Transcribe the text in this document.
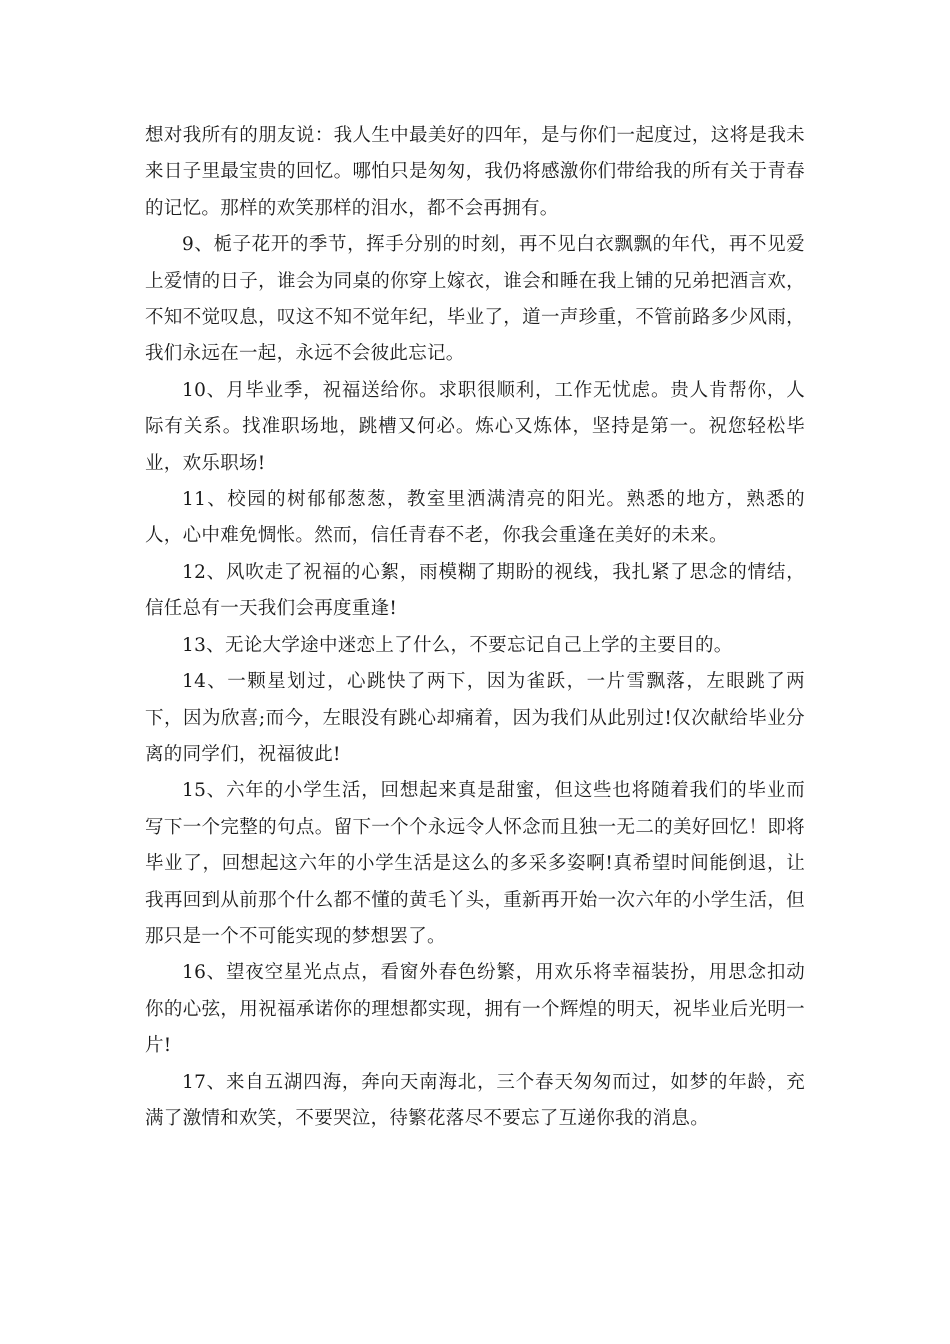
想对我所有的朋友说：我人生中最美好的四年，是与你们一起度过，这将是我未来日子里最宝贵的回忆。哪怕只是匆匆，我仍将感激你们带给我的所有关于青春的记忆。那样的欢笑那样的泪水，都不会再拥有。

9、栀子花开的季节，挥手分别的时刻，再不见白衣飘飘的年代，再不见爱上爱情的日子，谁会为同桌的你穿上嫁衣，谁会和睡在我上铺的兄弟把酒言欢，不知不觉叹息，叹这不知不觉年纪，毕业了，道一声珍重，不管前路多少风雨，我们永远在一起，永远不会彼此忘记。

10、月毕业季，祝福送给你。求职很顺利，工作无忧虑。贵人肯帮你，人际有关系。找准职场地，跳槽又何必。炼心又炼体，坚持是第一。祝您轻松毕业，欢乐职场!

11、校园的树郁郁葱葱，教室里洒满清亮的阳光。熟悉的地方，熟悉的人，心中难免惆怅。然而，信任青春不老，你我会重逢在美好的未来。

12、风吹走了祝福的心絮，雨模糊了期盼的视线，我扎紧了思念的情结，信任总有一天我们会再度重逢!

13、无论大学途中迷恋上了什么，不要忘记自己上学的主要目的。

14、一颗星划过，心跳快了两下，因为雀跃，一片雪飘落，左眼跳了两下，因为欣喜;而今，左眼没有跳心却痛着，因为我们从此别过!仅次献给毕业分离的同学们，祝福彼此!

15、六年的小学生活，回想起来真是甜蜜，但这些也将随着我们的毕业而写下一个完整的句点。留下一个个永远令人怀念而且独一无二的美好回忆！即将毕业了，回想起这六年的小学生活是这么的多采多姿啊!真希望时间能倒退，让我再回到从前那个什么都不懂的黄毛丫头，重新再开始一次六年的小学生活，但那只是一个不可能实现的梦想罢了。

16、望夜空星光点点，看窗外春色纷繁，用欢乐将幸福装扮，用思念扣动你的心弦，用祝福承诺你的理想都实现，拥有一个辉煌的明天，祝毕业后光明一片!

17、来自五湖四海，奔向天南海北，三个春天匆匆而过，如梦的年龄，充满了激情和欢笑，不要哭泣，待繁花落尽不要忘了互递你我的消息。
